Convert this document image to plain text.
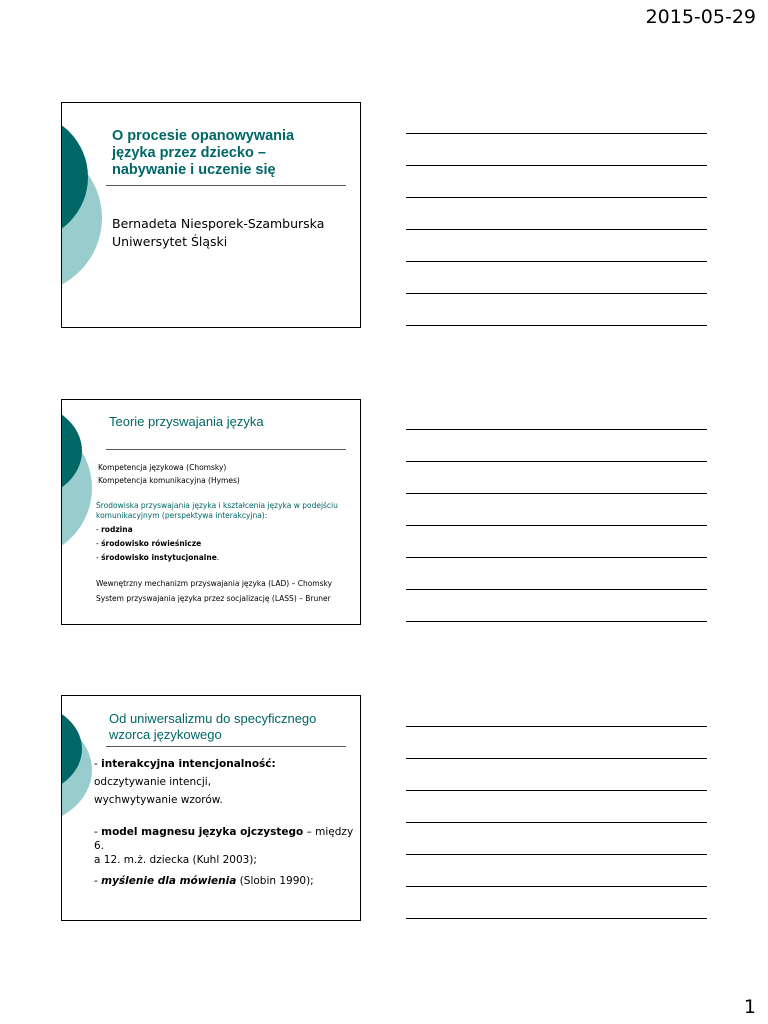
2015-05-29
O procesie opanowywania
języka przez dziecko –
nabywanie i uczenie się
Bernadeta Niesporek-Szamburska
Uniwersytet Śląski
Teorie przyswajania języka
Kompetencja językowa (Chomsky)
Kompetencja komunikacyjna (Hymes)
Środowiska przyswajania języka i kształcenia języka w podejściu
komunikacyjnym (perspektywa interakcyjna):
- rodzina
- środowisko rówieśnicze
- środowisko instytucjonalne.
Wewnętrzny mechanizm przyswajania języka (LAD) – Chomsky
System przyswajania języka przez socjalizację (LASS) – Bruner
Od uniwersalizmu do specyficznego
wzorca językowego
- interakcyjna intencjonalność:
odczytywanie intencji,
wychwytywanie wzorów.
- model magnesu języka ojczystego – między 6.
a 12. m.ż. dziecka (Kuhl 2003);
- myślenie dla mówienia (Slobin 1990);
1
